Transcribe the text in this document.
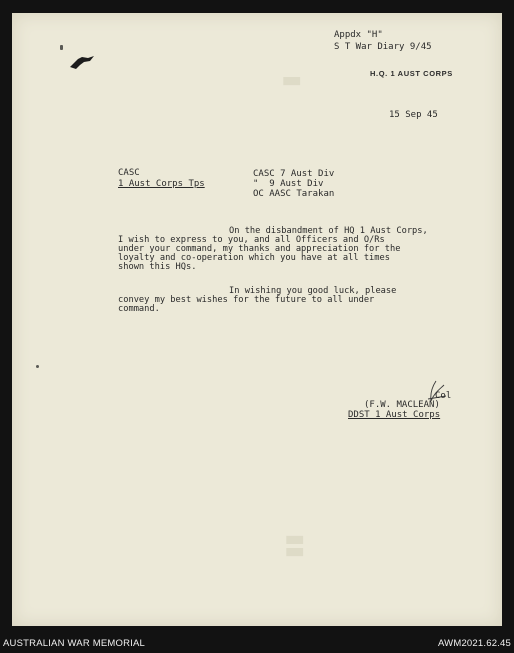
▮
▮▮
Appdx "H"
S T War Diary 9/45
H.Q. 1 AUST CORPS
15 Sep 45
CASC
1 Aust Corps Tps
CASC 7 Aust Div
"  9 Aust Div
OC AASC Tarakan
On the disbandment of HQ 1 Aust Corps,
I wish to express to you, and all Officers and O/Rs
under your command, my thanks and appreciation for the
loyalty and co-operation which you have at all times
shown this HQs.
In wishing you good luck, please
convey my best wishes for the future to all under
command.
Col
(F.W. MACLEAN)
DDST 1 Aust Corps
AUSTRALIAN WAR MEMORIAL	AWM2021.62.45
